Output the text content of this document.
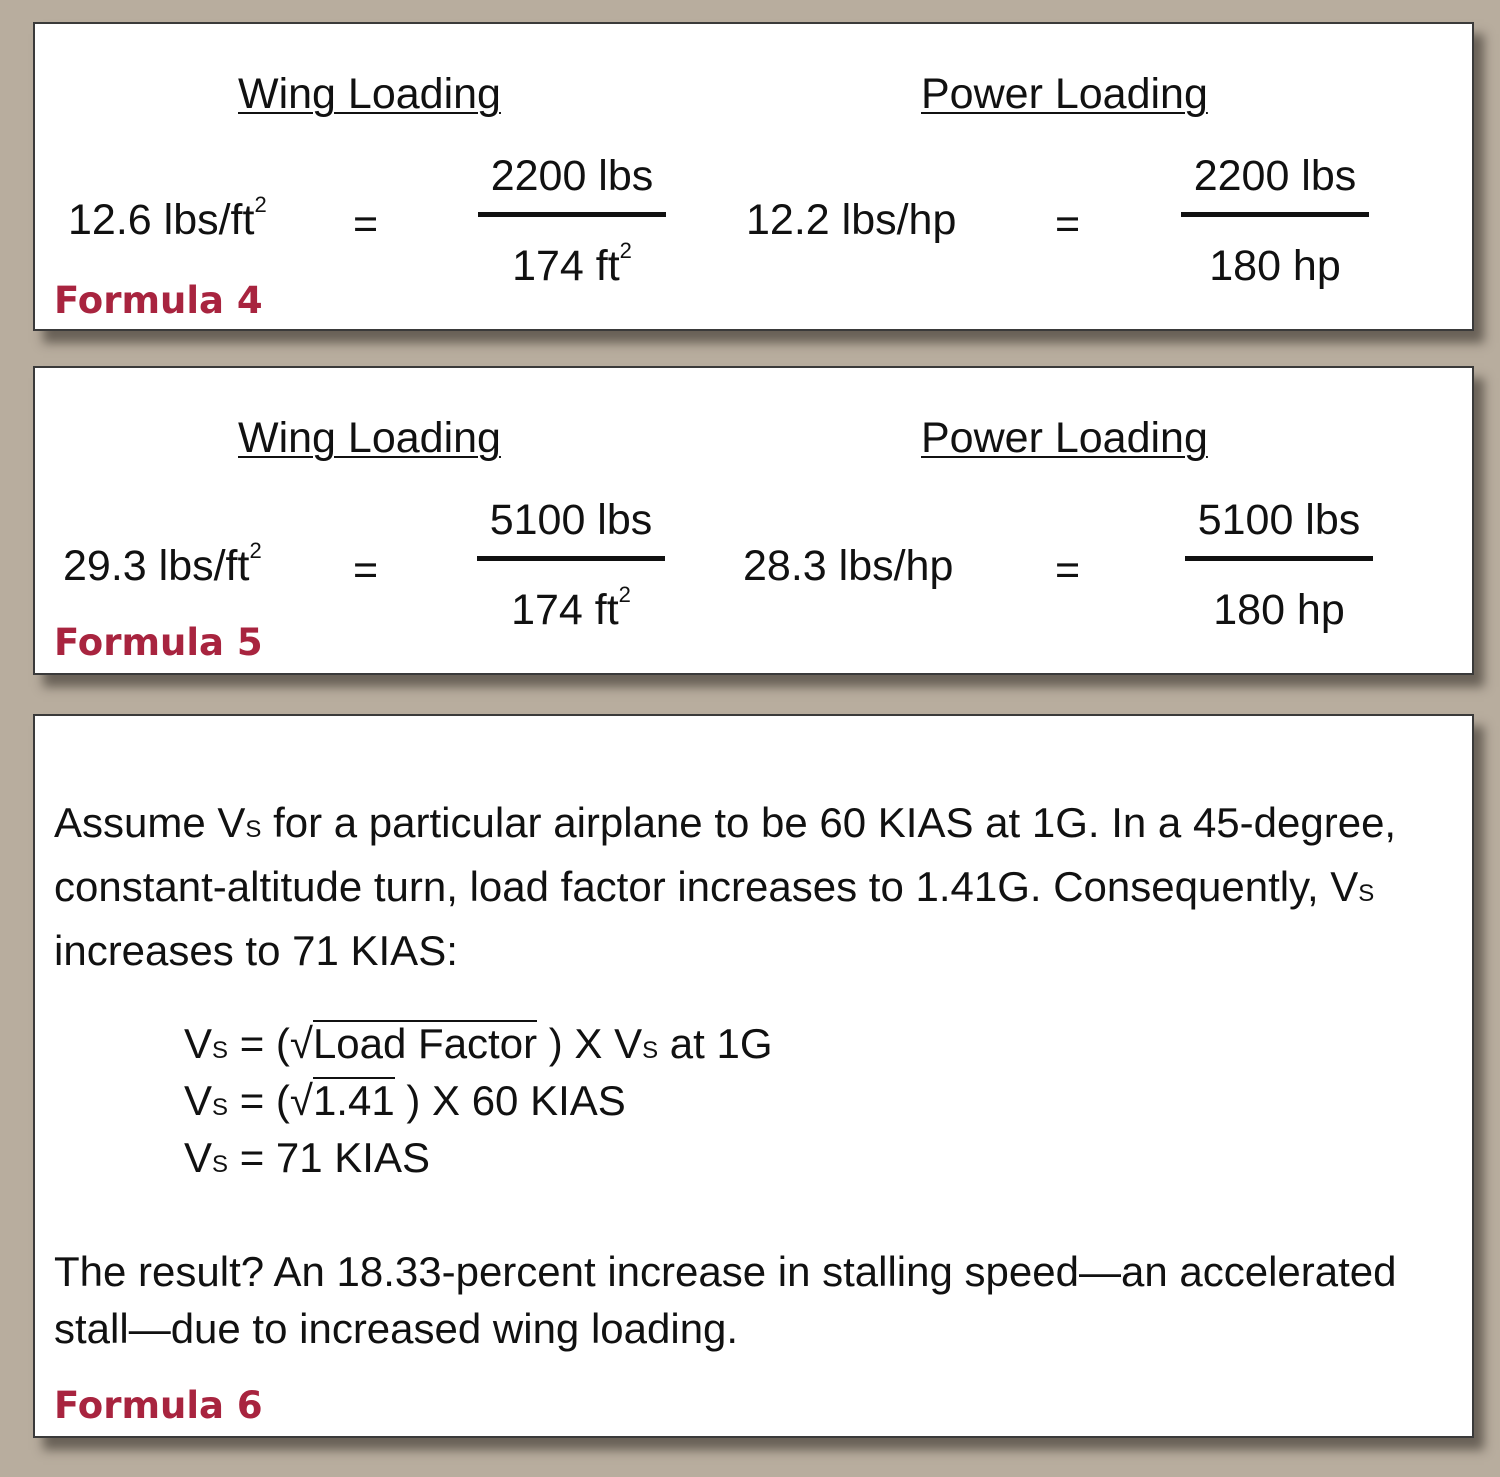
Wing Loading	Power Loading
12.6 lbs/$ft^2$ =
2200 lbs
174 $ft^2$
12.2 lbs/hp =
2200 lbs
180 hp
Formula 4
Wing Loading	Power Loading
29.3 lbs/$ft^2$ =
5100 lbs
174 $ft^2$
28.3 lbs/hp =
5100 lbs
180 hp
Formula 5
Assume VS for a particular airplane to be 60 KIAS at 1G. In a 45-degree, constant-altitude turn, load factor increases to 1.41G. Consequently, VS increases to 71 KIAS:
VS = (√Load Factor ) X VS at 1G
VS = (√1.41 ) X 60 KIAS
VS = 71 KIAS
The result? An 18.33-percent increase in stalling speed—an accelerated stall—due to increased wing loading.
Formula 6
